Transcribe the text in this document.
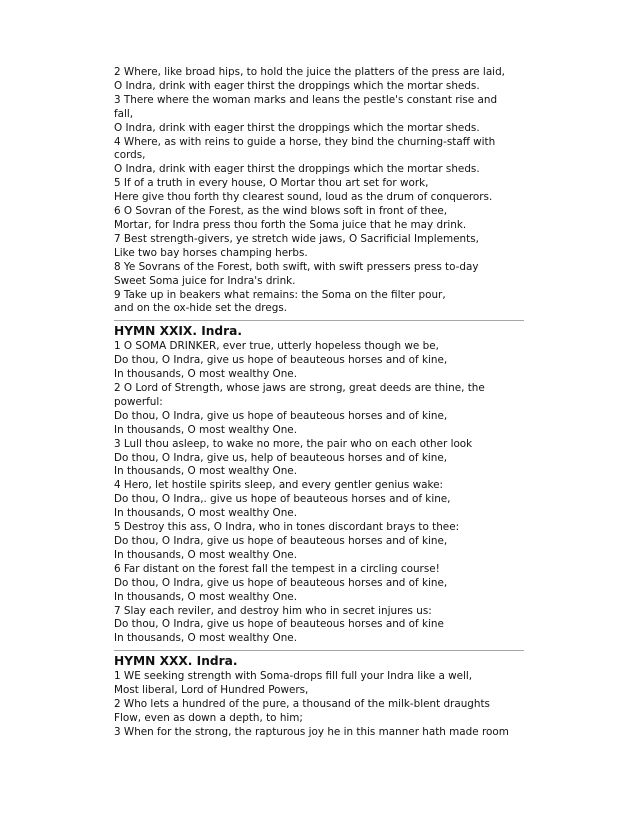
2 Where, like broad hips, to hold the juice the platters of the press are laid,
O Indra, drink with eager thirst the droppings which the mortar sheds.
3 There where the woman marks and leans the pestle's constant rise and
fall,
O Indra, drink with eager thirst the droppings which the mortar sheds.
4 Where, as with reins to guide a horse, they bind the churning-staff with
cords,
O Indra, drink with eager thirst the droppings which the mortar sheds.
5 If of a truth in every house, O Mortar thou art set for work,
Here give thou forth thy clearest sound, loud as the drum of conquerors.
6 O Sovran of the Forest, as the wind blows soft in front of thee,
Mortar, for Indra press thou forth the Soma juice that he may drink.
7 Best strength-givers, ye stretch wide jaws, O Sacrificial Implements,
Like two bay horses champing herbs.
8 Ye Sovrans of the Forest, both swift, with swift pressers press to-day
Sweet Soma juice for Indra's drink.
9 Take up in beakers what remains: the Soma on the filter pour,
and on the ox-hide set the dregs.
HYMN XXIX. Indra.
1 O SOMA DRINKER, ever true, utterly hopeless though we be,
Do thou, O Indra, give us hope of beauteous horses and of kine,
In thousands, O most wealthy One.
2 O Lord of Strength, whose jaws are strong, great deeds are thine, the
powerful:
Do thou, O Indra, give us hope of beauteous horses and of kine,
In thousands, O most wealthy One.
3 Lull thou asleep, to wake no more, the pair who on each other look
Do thou, O Indra, give us, help of beauteous horses and of kine,
In thousands, O most wealthy One.
4 Hero, let hostile spirits sleep, and every gentler genius wake:
Do thou, O Indra,. give us hope of beauteous horses and of kine,
In thousands, O most wealthy One.
5 Destroy this ass, O Indra, who in tones discordant brays to thee:
Do thou, O Indra, give us hope of beauteous horses and of kine,
In thousands, O most wealthy One.
6 Far distant on the forest fall the tempest in a circling course!
Do thou, O Indra, give us hope of beauteous horses and of kine,
In thousands, O most wealthy One.
7 Slay each reviler, and destroy him who in secret injures us:
Do thou, O Indra, give us hope of beauteous horses and of kine
In thousands, O most wealthy One.
HYMN XXX. Indra.
1 WE seeking strength with Soma-drops fill full your Indra like a well,
Most liberal, Lord of Hundred Powers,
2 Who lets a hundred of the pure, a thousand of the milk-blent draughts
Flow, even as down a depth, to him;
3 When for the strong, the rapturous joy he in this manner hath made room
